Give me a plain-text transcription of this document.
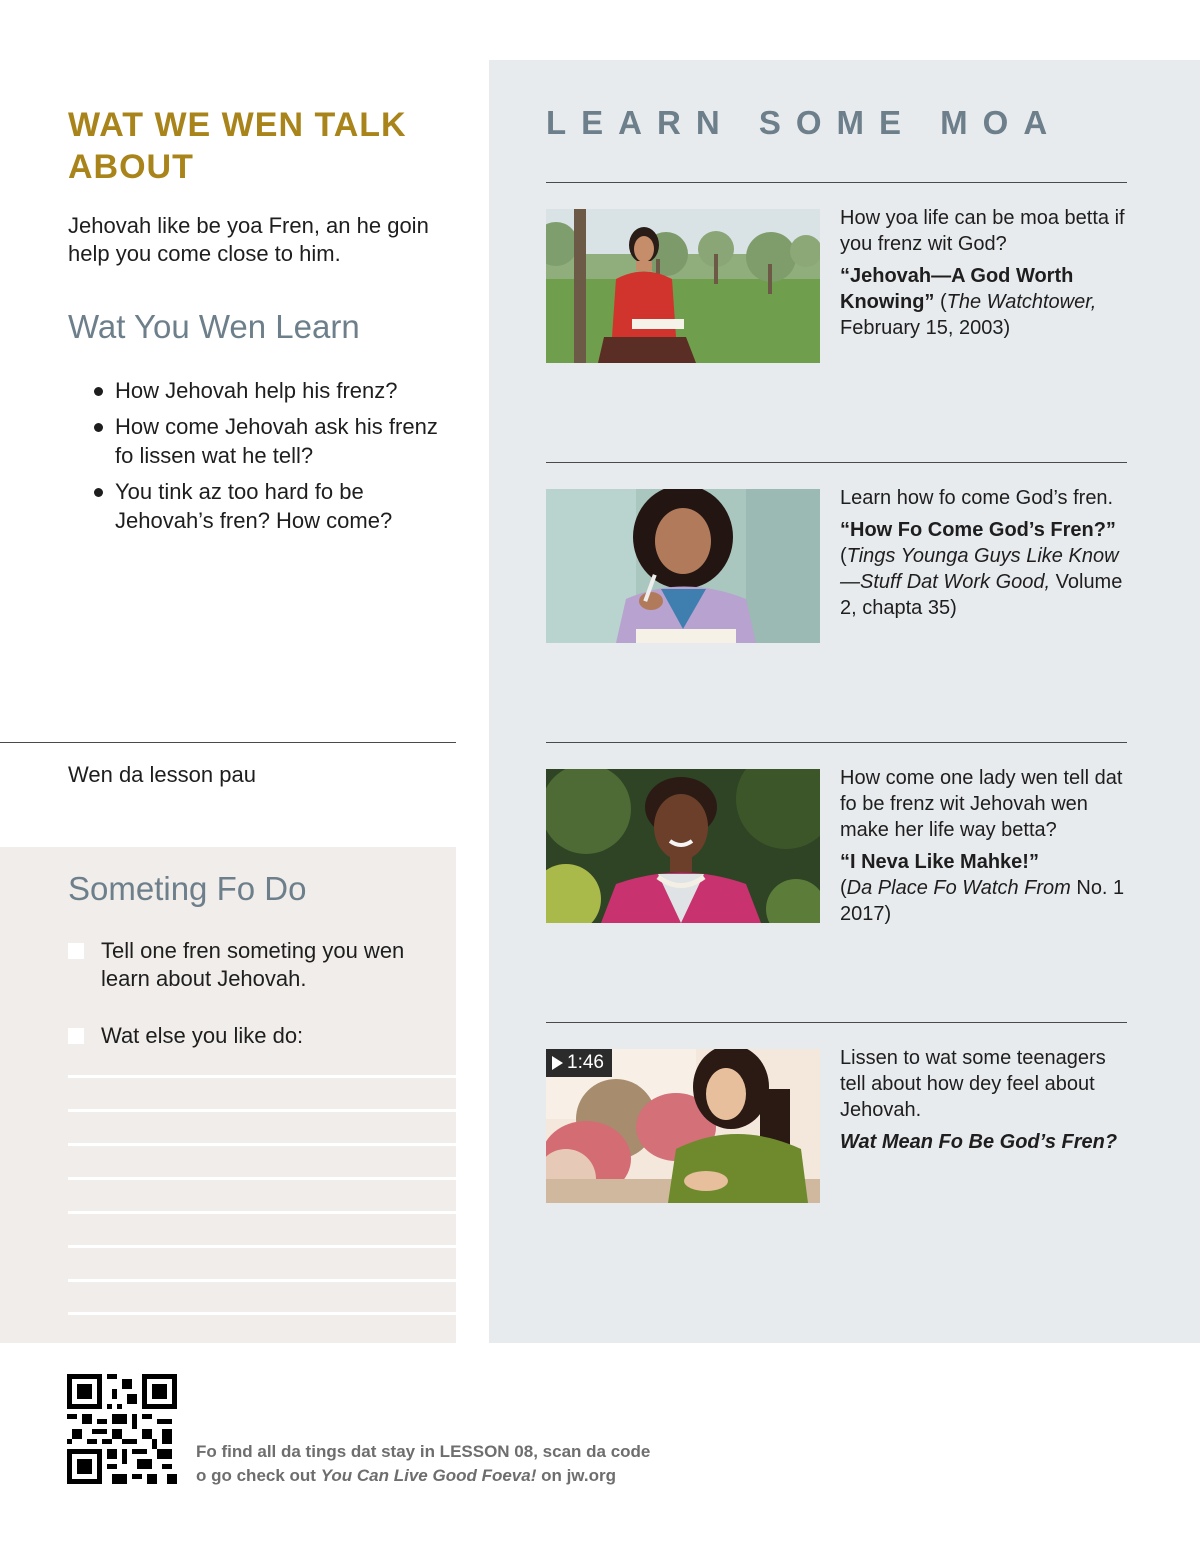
WAT WE WEN TALK ABOUT
Jehovah like be yoa Fren, an he goin help you come close to him.
Wat You Wen Learn
How Jehovah help his frenz?
How come Jehovah ask his frenz fo lissen wat he tell?
You tink az too hard fo be Jehovah’s fren? How come?
Wen da lesson pau
Someting Fo Do
Tell one fren someting you wen learn about Jehovah.
Wat else you like do:
LEARN SOME MOA
How yoa life can be moa betta if you frenz wit God?
“Jehovah—A God Worth Knowing” (The Watchtower, February 15, 2003)
Learn how fo come God’s fren.
“How Fo Come God’s Fren?”
(Tings Younga Guys Like Know —Stuff Dat Work Good, Volume 2, chapta 35)
How come one lady wen tell dat fo be frenz wit Jehovah wen make her life way betta?
“I Neva Like Mahke!”
(Da Place Fo Watch From No. 1 2017)
1:46	Lissen to wat some teenagers tell about how dey feel about Jehovah.
Wat Mean Fo Be God’s Fren?
Fo find all da tings dat stay in LESSON 08, scan da code
o go check out You Can Live Good Foeva! on jw.org
